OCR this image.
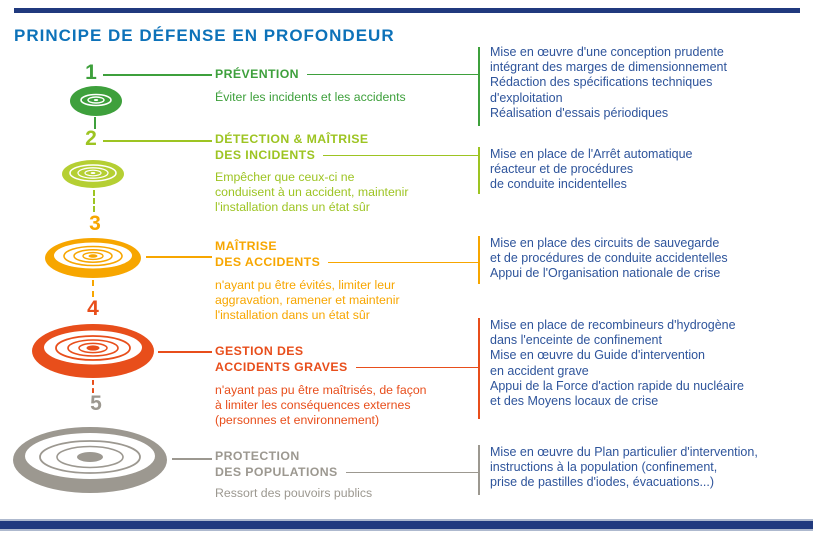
PRINCIPE DE DÉFENSE EN PROFONDEUR
1	PRÉVENTION
Éviter les incidents et les accidents
Mise en œuvre d'une conception prudente
intégrant des marges de dimensionnement
Rédaction des spécifications techniques
d'exploitation
Réalisation d'essais périodiques
2	DÉTECTION & MAÎTRISE
DES INCIDENTS
Empêcher que ceux-ci ne
conduisent à un accident, maintenir
l'installation dans un état sûr
Mise en place de l'Arrêt automatique
réacteur et de procédures
de conduite incidentelles
3
MAÎTRISE
DES ACCIDENTS
n'ayant pu être évités, limiter leur
aggravation, ramener et maintenir
l'installation dans un état sûr
Mise en place des circuits de sauvegarde
et de procédures de conduite accidentelles
Appui de l'Organisation nationale de crise
4
GESTION DES
ACCIDENTS GRAVES
n'ayant pas pu être maîtrisés, de façon
à limiter les conséquences externes
(personnes et environnement)
Mise en place de recombineurs d'hydrogène
dans l'enceinte de confinement
Mise en œuvre du Guide d'intervention
en accident grave
Appui de la Force d'action rapide du nucléaire
et des Moyens locaux de crise
5
PROTECTION
DES POPULATIONS
Ressort des pouvoirs publics
Mise en œuvre du Plan particulier d'intervention,
instructions à la population (confinement,
prise de pastilles d'iodes, évacuations...)
